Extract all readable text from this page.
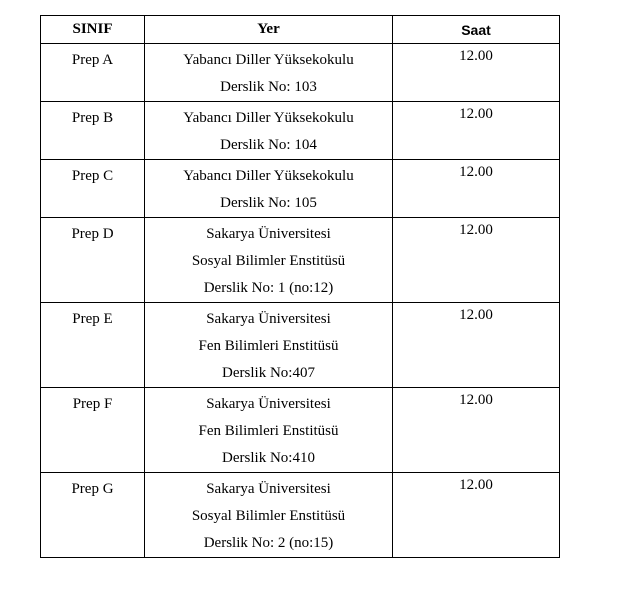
SINIF	Yer	Saat

Prep A	Yabancı Diller Yüksekokulu
Derslik No: 103	12.00

Prep B	Yabancı Diller Yüksekokulu
Derslik No: 104	12.00

Prep C	Yabancı Diller Yüksekokulu
Derslik No: 105	12.00

Prep D	Sakarya Üniversitesi
Sosyal Bilimler Enstitüsü
Derslik No: 1 (no:12)	12.00

Prep E	Sakarya Üniversitesi
Fen Bilimleri Enstitüsü
Derslik No:407	12.00

Prep F	Sakarya Üniversitesi
Fen Bilimleri Enstitüsü
Derslik No:410	12.00

Prep G	Sakarya Üniversitesi
Sosyal Bilimler Enstitüsü
Derslik No: 2 (no:15)	12.00
